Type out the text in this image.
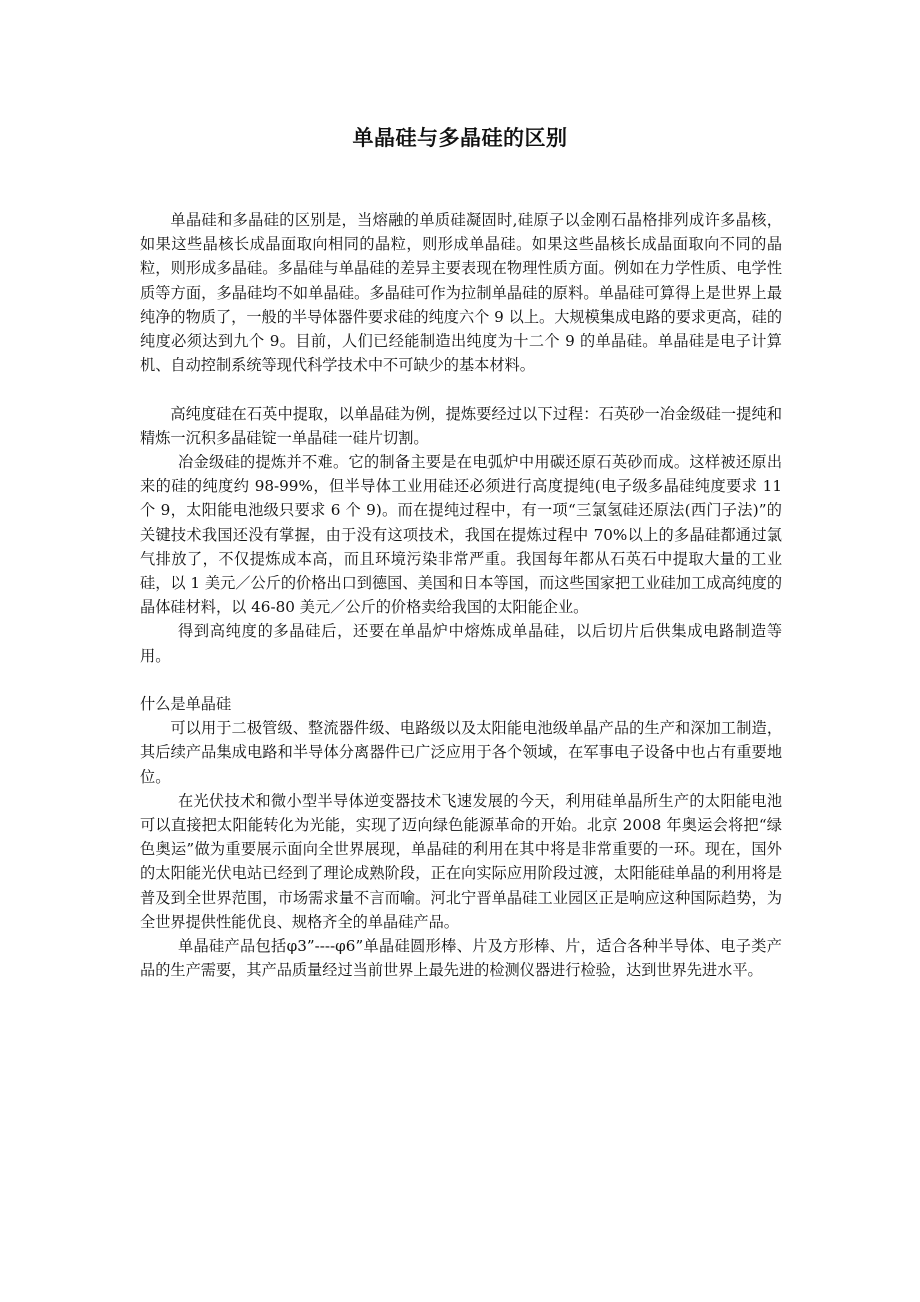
单晶硅与多晶硅的区别

单晶硅和多晶硅的区别是，当熔融的单质硅凝固时,硅原子以金刚石晶格排列成许多晶核，如果这些晶核长成晶面取向相同的晶粒，则形成单晶硅。如果这些晶核长成晶面取向不同的晶粒，则形成多晶硅。多晶硅与单晶硅的差异主要表现在物理性质方面。例如在力学性质、电学性质等方面，多晶硅均不如单晶硅。多晶硅可作为拉制单晶硅的原料。单晶硅可算得上是世界上最纯净的物质了，一般的半导体器件要求硅的纯度六个 9 以上。大规模集成电路的要求更高，硅的纯度必须达到九个 9。目前，人们已经能制造出纯度为十二个 9 的单晶硅。单晶硅是电子计算机、自动控制系统等现代科学技术中不可缺少的基本材料。

高纯度硅在石英中提取，以单晶硅为例，提炼要经过以下过程：石英砂一冶金级硅一提纯和精炼一沉积多晶硅锭一单晶硅一硅片切割。

冶金级硅的提炼并不难。它的制备主要是在电弧炉中用碳还原石英砂而成。这样被还原出来的硅的纯度约 98-99%，但半导体工业用硅还必须进行高度提纯(电子级多晶硅纯度要求 11 个 9，太阳能电池级只要求 6 个 9)。而在提纯过程中，有一项“三氯氢硅还原法(西门子法)”的关键技术我国还没有掌握，由于没有这项技术，我国在提炼过程中 70%以上的多晶硅都通过氯气排放了，不仅提炼成本高，而且环境污染非常严重。我国每年都从石英石中提取大量的工业硅，以 1 美元／公斤的价格出口到德国、美国和日本等国，而这些国家把工业硅加工成高纯度的晶体硅材料，以 46-80 美元／公斤的价格卖给我国的太阳能企业。

得到高纯度的多晶硅后，还要在单晶炉中熔炼成单晶硅，以后切片后供集成电路制造等用。

什么是单晶硅

可以用于二极管级、整流器件级、电路级以及太阳能电池级单晶产品的生产和深加工制造，其后续产品集成电路和半导体分离器件已广泛应用于各个领域，在军事电子设备中也占有重要地位。

在光伏技术和微小型半导体逆变器技术飞速发展的今天，利用硅单晶所生产的太阳能电池可以直接把太阳能转化为光能，实现了迈向绿色能源革命的开始。北京 2008 年奥运会将把“绿色奥运”做为重要展示面向全世界展现，单晶硅的利用在其中将是非常重要的一环。现在，国外的太阳能光伏电站已经到了理论成熟阶段，正在向实际应用阶段过渡，太阳能硅单晶的利用将是普及到全世界范围，市场需求量不言而喻。河北宁晋单晶硅工业园区正是响应这种国际趋势，为全世界提供性能优良、规格齐全的单晶硅产品。

单晶硅产品包括φ3”----φ6”单晶硅圆形棒、片及方形棒、片，适合各种半导体、电子类产品的生产需要，其产品质量经过当前世界上最先进的检测仪器进行检验，达到世界先进水平。
